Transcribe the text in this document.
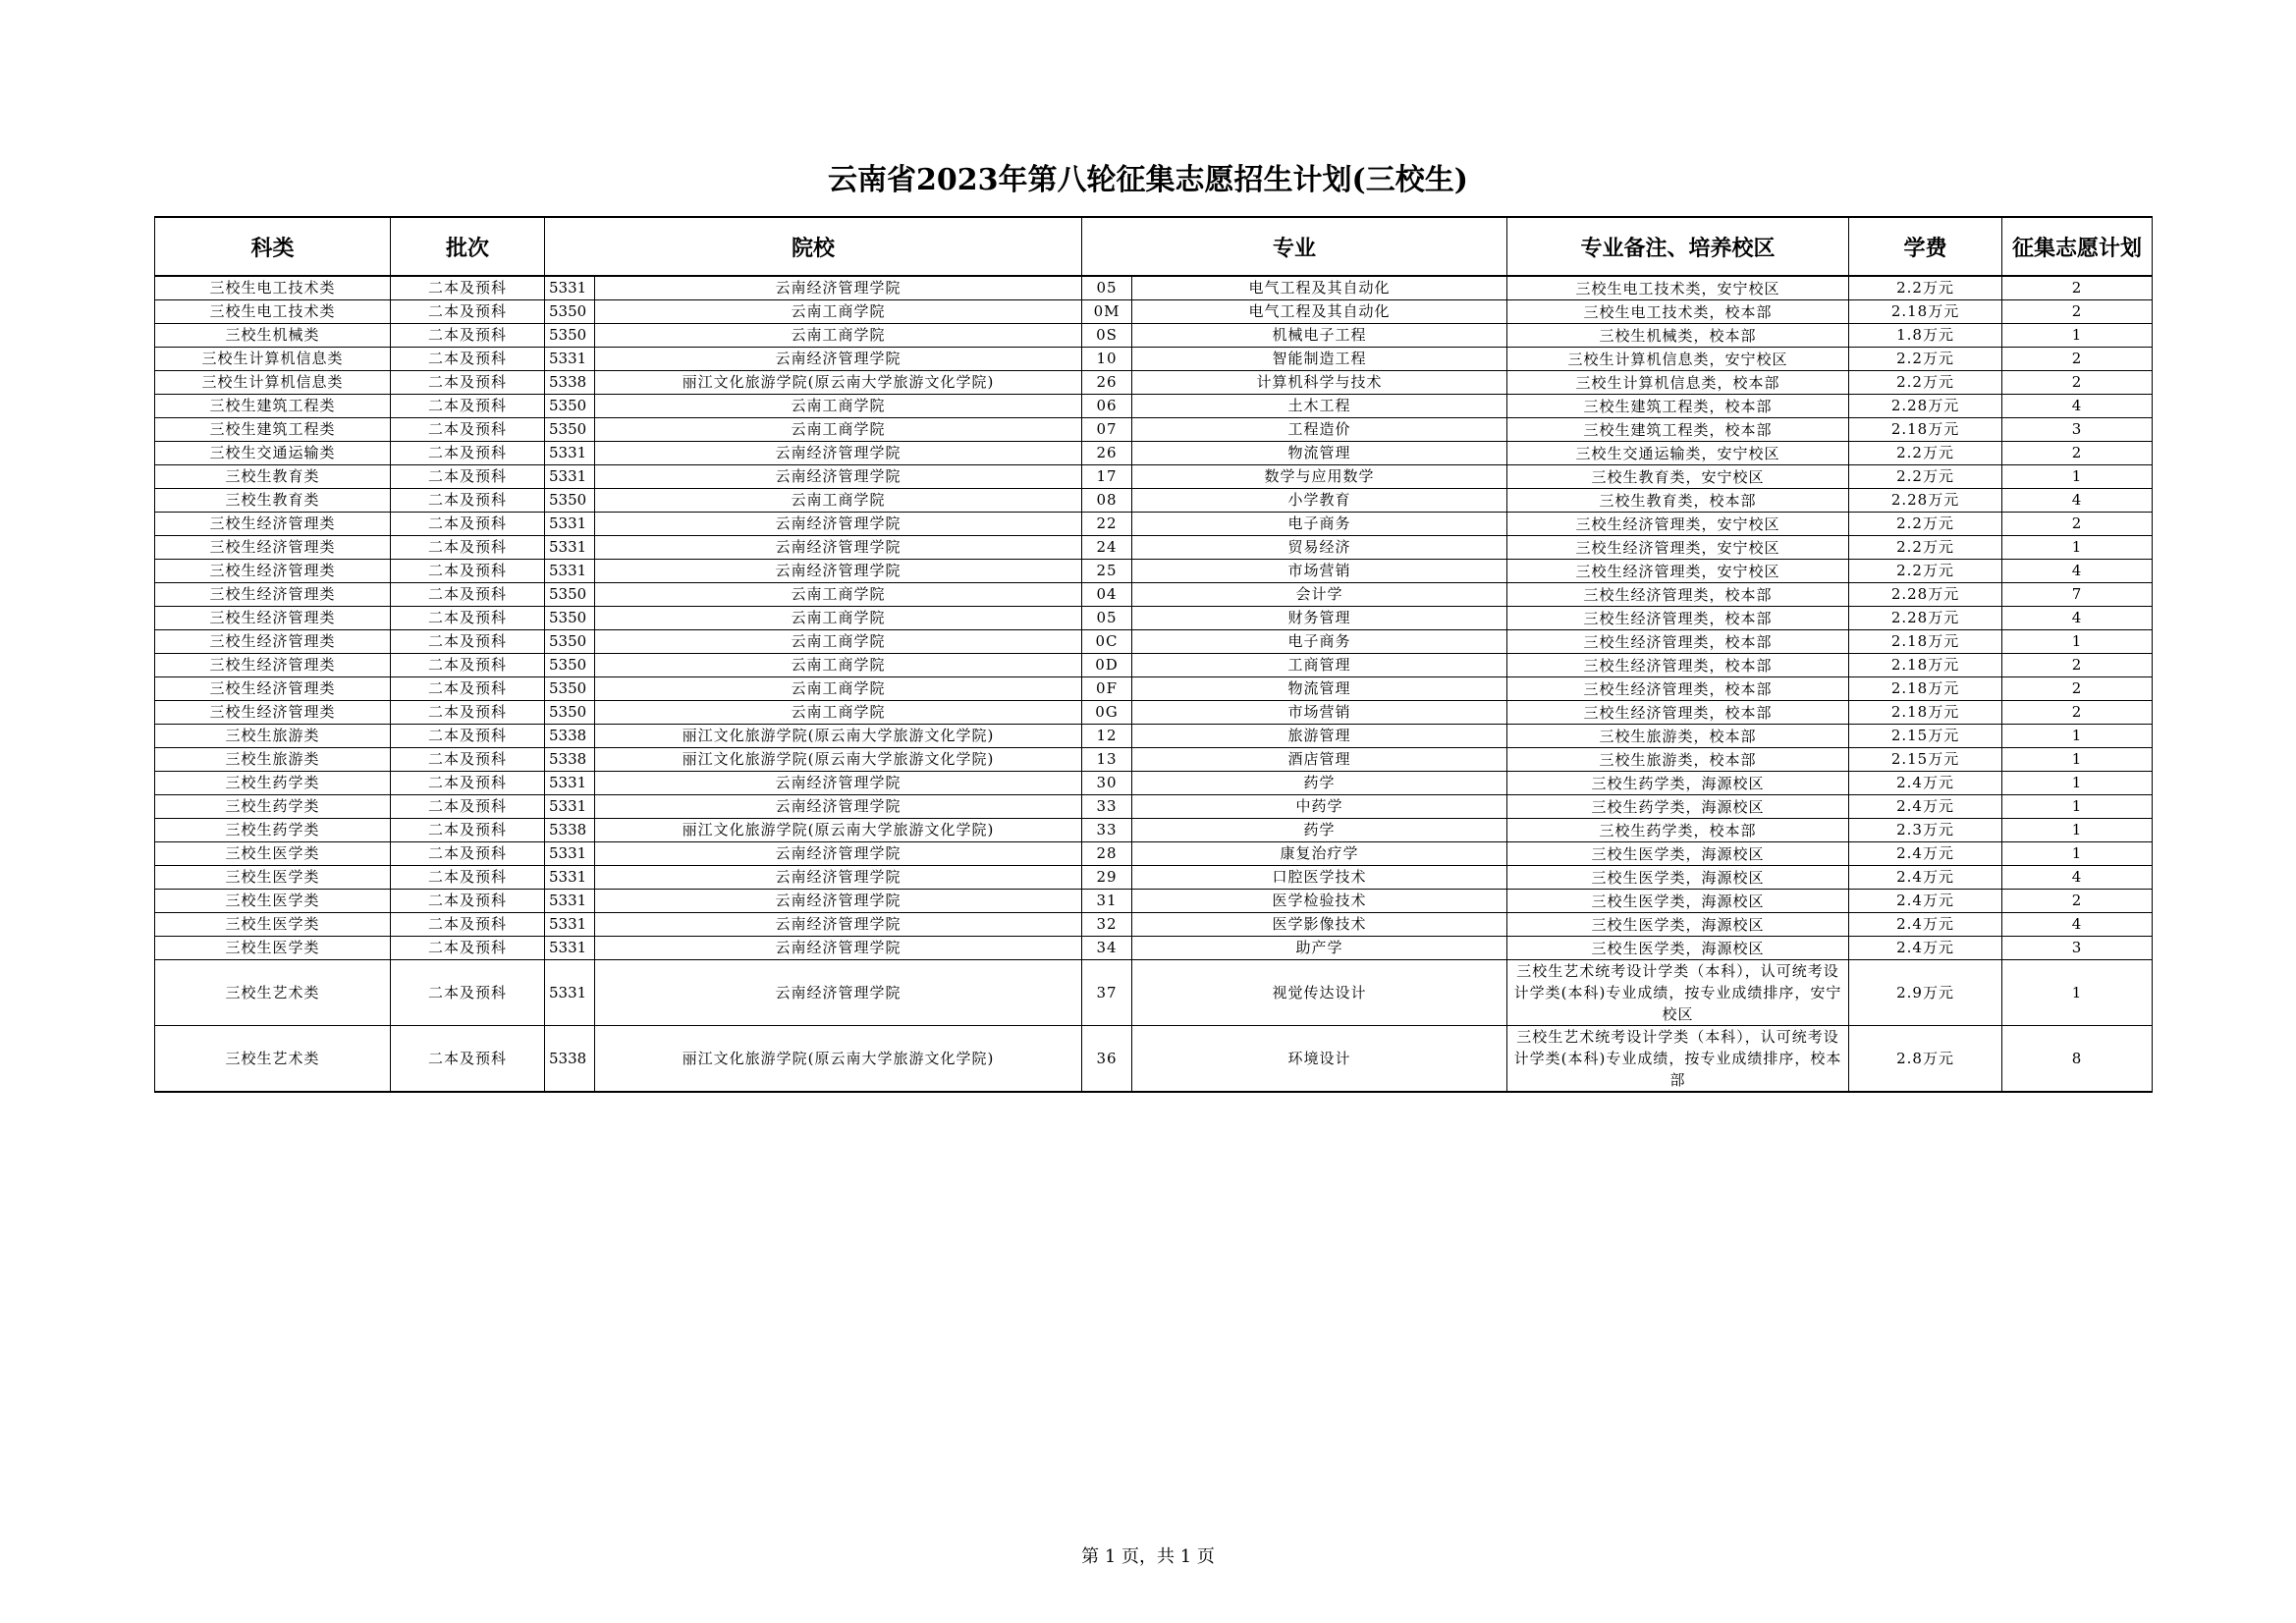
云南省2023年第八轮征集志愿招生计划(三校生)
科类	批次	院校		专业		专业备注、培养校区	学费	征集志愿计划
三校生电工技术类	二本及预科	5331	云南经济管理学院	05	电气工程及其自动化	三校生电工技术类，安宁校区	2.2万元	2
三校生电工技术类	二本及预科	5350	云南工商学院	0M	电气工程及其自动化	三校生电工技术类，校本部	2.18万元	2
三校生机械类	二本及预科	5350	云南工商学院	0S	机械电子工程	三校生机械类，校本部	1.8万元	1
三校生计算机信息类	二本及预科	5331	云南经济管理学院	10	智能制造工程	三校生计算机信息类，安宁校区	2.2万元	2
三校生计算机信息类	二本及预科	5338	丽江文化旅游学院(原云南大学旅游文化学院)	26	计算机科学与技术	三校生计算机信息类，校本部	2.2万元	2
三校生建筑工程类	二本及预科	5350	云南工商学院	06	土木工程	三校生建筑工程类，校本部	2.28万元	4
三校生建筑工程类	二本及预科	5350	云南工商学院	07	工程造价	三校生建筑工程类，校本部	2.18万元	3
三校生交通运输类	二本及预科	5331	云南经济管理学院	26	物流管理	三校生交通运输类，安宁校区	2.2万元	2
三校生教育类	二本及预科	5331	云南经济管理学院	17	数学与应用数学	三校生教育类，安宁校区	2.2万元	1
三校生教育类	二本及预科	5350	云南工商学院	08	小学教育	三校生教育类，校本部	2.28万元	4
三校生经济管理类	二本及预科	5331	云南经济管理学院	22	电子商务	三校生经济管理类，安宁校区	2.2万元	2
三校生经济管理类	二本及预科	5331	云南经济管理学院	24	贸易经济	三校生经济管理类，安宁校区	2.2万元	1
三校生经济管理类	二本及预科	5331	云南经济管理学院	25	市场营销	三校生经济管理类，安宁校区	2.2万元	4
三校生经济管理类	二本及预科	5350	云南工商学院	04	会计学	三校生经济管理类，校本部	2.28万元	7
三校生经济管理类	二本及预科	5350	云南工商学院	05	财务管理	三校生经济管理类，校本部	2.28万元	4
三校生经济管理类	二本及预科	5350	云南工商学院	0C	电子商务	三校生经济管理类，校本部	2.18万元	1
三校生经济管理类	二本及预科	5350	云南工商学院	0D	工商管理	三校生经济管理类，校本部	2.18万元	2
三校生经济管理类	二本及预科	5350	云南工商学院	0F	物流管理	三校生经济管理类，校本部	2.18万元	2
三校生经济管理类	二本及预科	5350	云南工商学院	0G	市场营销	三校生经济管理类，校本部	2.18万元	2
三校生旅游类	二本及预科	5338	丽江文化旅游学院(原云南大学旅游文化学院)	12	旅游管理	三校生旅游类，校本部	2.15万元	1
三校生旅游类	二本及预科	5338	丽江文化旅游学院(原云南大学旅游文化学院)	13	酒店管理	三校生旅游类，校本部	2.15万元	1
三校生药学类	二本及预科	5331	云南经济管理学院	30	药学	三校生药学类，海源校区	2.4万元	1
三校生药学类	二本及预科	5331	云南经济管理学院	33	中药学	三校生药学类，海源校区	2.4万元	1
三校生药学类	二本及预科	5338	丽江文化旅游学院(原云南大学旅游文化学院)	33	药学	三校生药学类，校本部	2.3万元	1
三校生医学类	二本及预科	5331	云南经济管理学院	28	康复治疗学	三校生医学类，海源校区	2.4万元	1
三校生医学类	二本及预科	5331	云南经济管理学院	29	口腔医学技术	三校生医学类，海源校区	2.4万元	4
三校生医学类	二本及预科	5331	云南经济管理学院	31	医学检验技术	三校生医学类，海源校区	2.4万元	2
三校生医学类	二本及预科	5331	云南经济管理学院	32	医学影像技术	三校生医学类，海源校区	2.4万元	4
三校生医学类	二本及预科	5331	云南经济管理学院	34	助产学	三校生医学类，海源校区	2.4万元	3
三校生艺术类	二本及预科	5331	云南经济管理学院	37	视觉传达设计	三校生艺术统考设计学类（本科），认可统考设计学类(本科)专业成绩，按专业成绩排序，安宁校区	2.9万元	1
三校生艺术类	二本及预科	5338	丽江文化旅游学院(原云南大学旅游文化学院)	36	环境设计	三校生艺术统考设计学类（本科），认可统考设计学类(本科)专业成绩，按专业成绩排序，校本部	2.8万元	8
第 1 页，共 1 页
